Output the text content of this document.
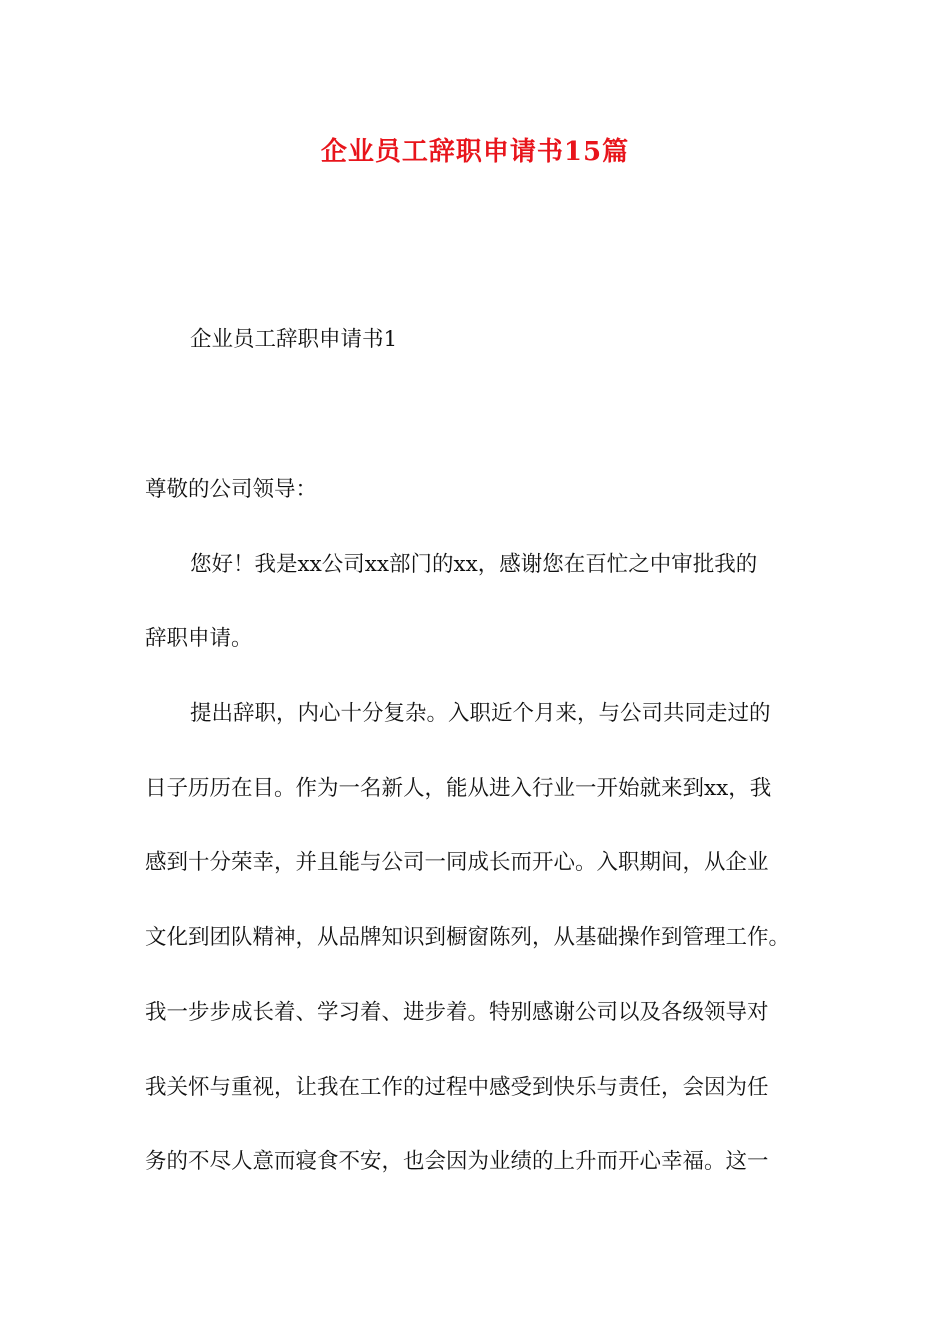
企业员工辞职申请书15篇
企业员工辞职申请书1
尊敬的公司领导：
您好！我是xx公司xx部门的xx，感谢您在百忙之中审批我的
辞职申请。
提出辞职，内心十分复杂。入职近个月来，与公司共同走过的
日子历历在目。作为一名新人，能从进入行业一开始就来到xx，我
感到十分荣幸，并且能与公司一同成长而开心。入职期间，从企业
文化到团队精神，从品牌知识到橱窗陈列，从基础操作到管理工作。
我一步步成长着、学习着、进步着。特别感谢公司以及各级领导对
我关怀与重视，让我在工作的过程中感受到快乐与责任，会因为任
务的不尽人意而寝食不安，也会因为业绩的上升而开心幸福。这一
